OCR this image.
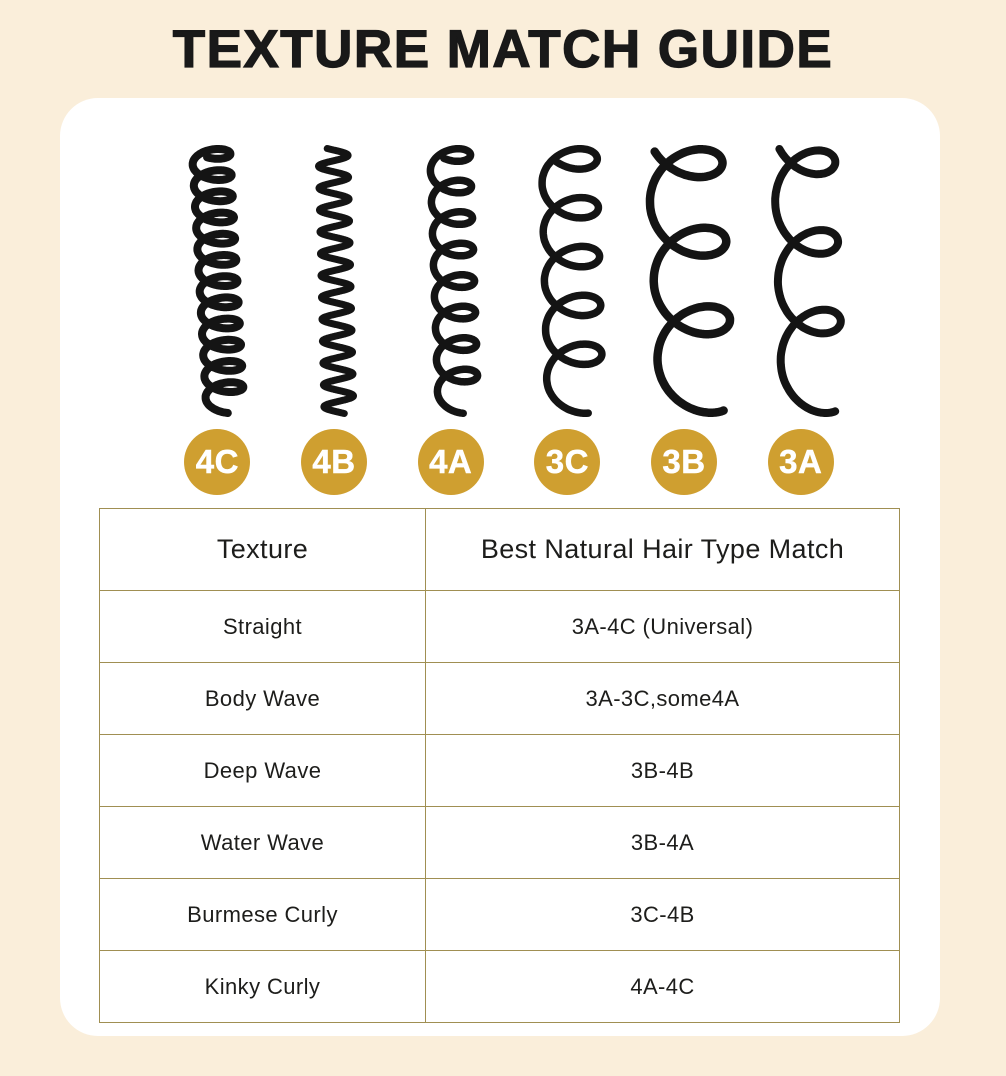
TEXTURE MATCH GUIDE
4C 4B 4A 3C 3B 3A
Texture	Best Natural Hair Type Match
Straight	3A-4C (Universal)
Body Wave	3A-3C,some4A
Deep Wave	3B-4B
Water Wave	3B-4A
Burmese Curly	3C-4B
Kinky Curly	4A-4C
